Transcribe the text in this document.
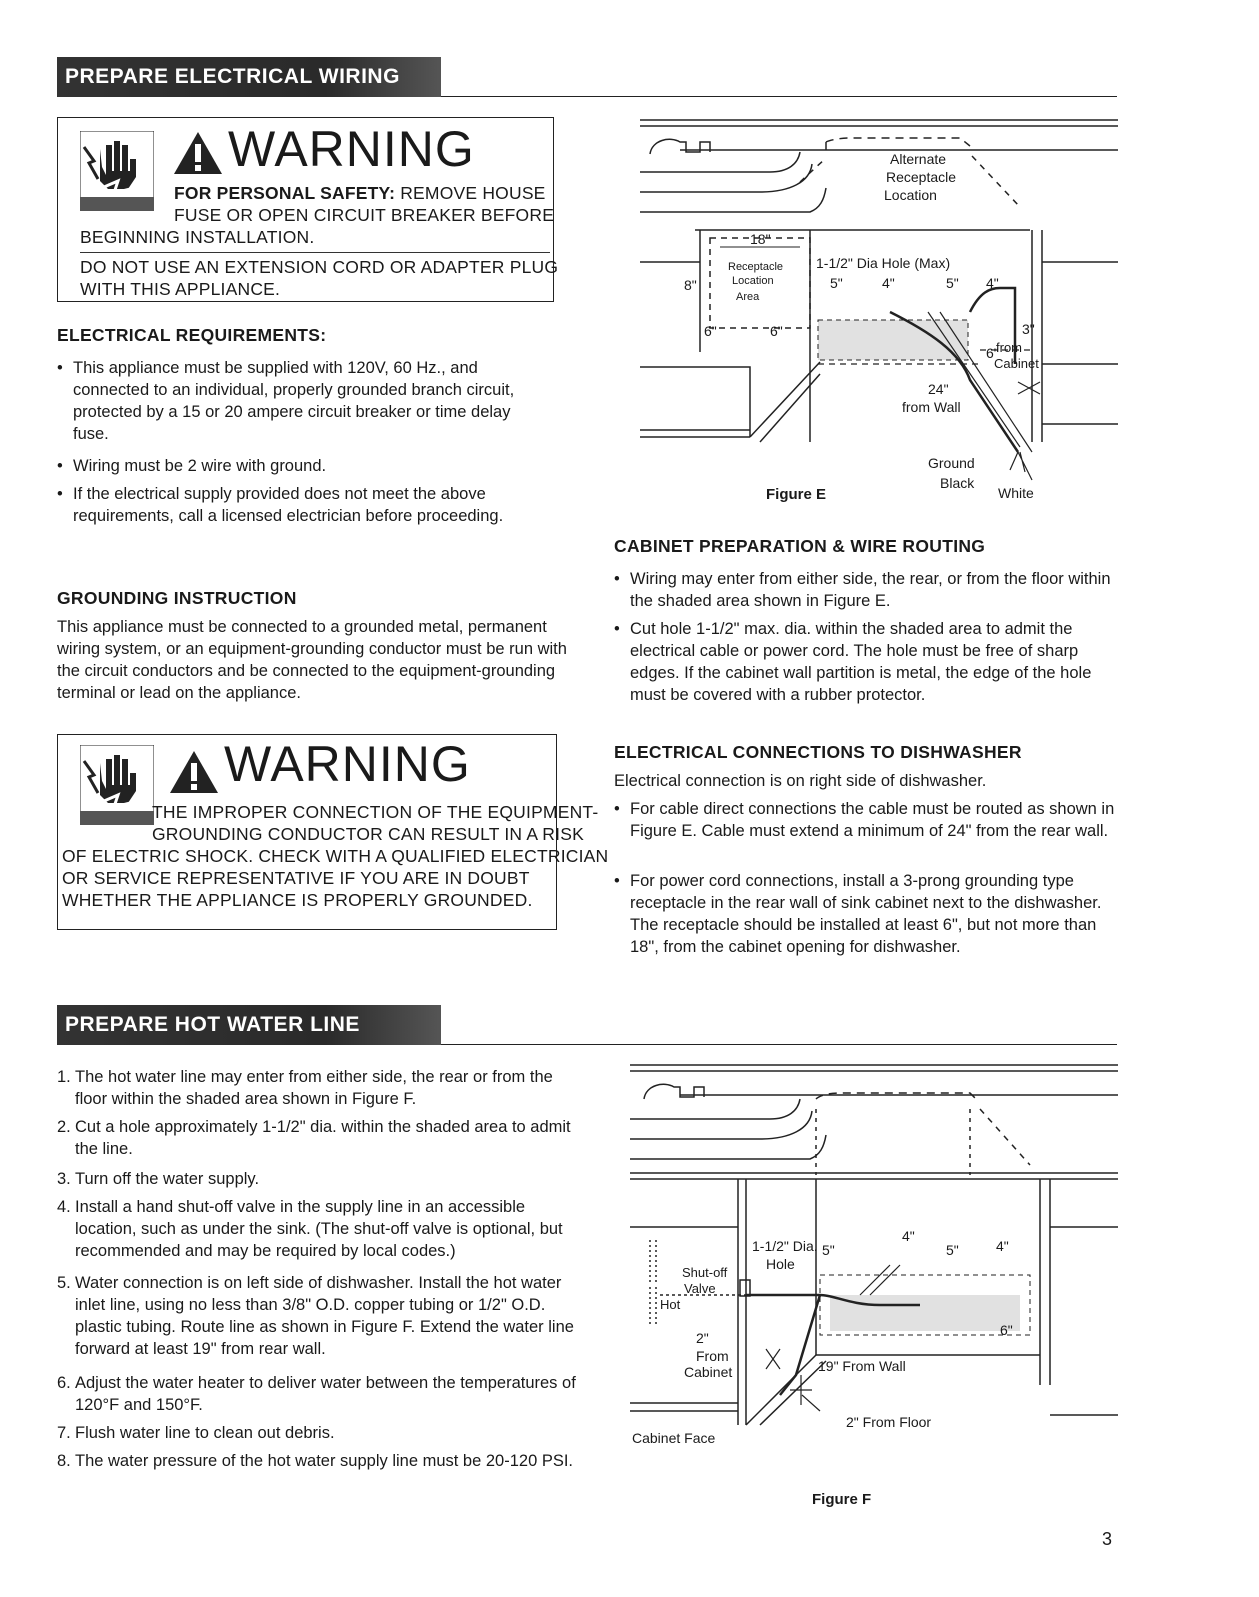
PREPARE ELECTRICAL WIRING
WARNING
FOR PERSONAL SAFETY: REMOVE HOUSE
FUSE OR OPEN CIRCUIT BREAKER BEFORE
BEGINNING INSTALLATION.
DO NOT USE AN EXTENSION CORD OR ADAPTER PLUG
WITH THIS APPLIANCE.
ELECTRICAL REQUIREMENTS:
• This appliance must be supplied with 120V, 60 Hz., and connected to an individual, properly grounded branch circuit, protected by a 15 or 20 ampere circuit breaker or time delay fuse.
• Wiring must be 2 wire with ground.
• If the electrical supply provided does not meet the above requirements, call a licensed electrician before proceeding.
GROUNDING INSTRUCTION
This appliance must be connected to a grounded metal, permanent wiring system, or an equipment-grounding conductor must be run with the circuit conductors and be connected to the equipment-grounding terminal or lead on the appliance.
WARNING
THE IMPROPER CONNECTION OF THE EQUIPMENT-
GROUNDING CONDUCTOR CAN RESULT IN A RISK
OF ELECTRIC SHOCK. CHECK WITH A QUALIFIED ELECTRICIAN
OR SERVICE REPRESENTATIVE IF YOU ARE IN DOUBT
WHETHER THE APPLIANCE IS PROPERLY GROUNDED.
Alternate
Receptacle
Location
18"
Receptacle
Location
Area
1-1/2" Dia Hole (Max)
5"	4"	5" 4"
8"
6"	6"	3"
6"
from
Cabinet
24"
from Wall
Ground
Black
White
Figure E
CABINET PREPARATION & WIRE ROUTING
• Wiring may enter from either side, the rear, or from the floor within the shaded area shown in Figure E.
• Cut hole 1-1/2" max. dia. within the shaded area to admit the electrical cable or power cord. The hole must be free of sharp edges. If the cabinet wall partition is metal, the edge of the hole must be covered with a rubber protector.
ELECTRICAL CONNECTIONS TO DISHWASHER
Electrical connection is on right side of dishwasher.
• For cable direct connections the cable must be routed as shown in Figure E. Cable must extend a minimum of 24" from the rear wall.
• For power cord connections, install a 3-prong grounding type receptacle in the rear wall of sink cabinet next to the dishwasher. The receptacle should be installed at least 6", but not more than 18", from the cabinet opening for dishwasher.
PREPARE HOT WATER LINE
1. The hot water line may enter from either side, the rear or from the floor within the shaded area shown in Figure F.
2. Cut a hole approximately 1-1/2" dia. within the shaded area to admit the line.
3. Turn off the water supply.
4. Install a hand shut-off valve in the supply line in an accessible location, such as under the sink. (The shut-off valve is optional, but recommended and may be required by local codes.)
5. Water connection is on left side of dishwasher. Install the hot water inlet line, using no less than 3/8" O.D. copper tubing or 1/2" O.D. plastic tubing. Route line as shown in Figure F. Extend the water line forward at least 19" from rear wall.
6. Adjust the water heater to deliver water between the temperatures of 120°F and 150°F.
7. Flush water line to clean out debris.
8. The water pressure of the hot water supply line must be 20-120 PSI.
1-1/2" Dia.
Hole
5"
4"
5"	4"
Shut-off
Valve
Hot
2"
From
Cabinet
6"
19" From Wall
2" From Floor
Cabinet Face
Figure F
3
